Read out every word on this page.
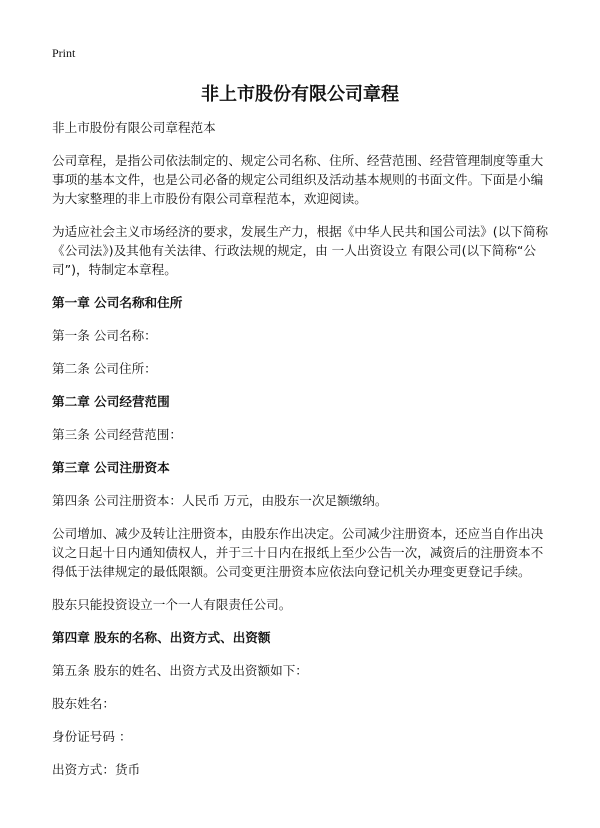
Print
非上市股份有限公司章程

非上市股份有限公司章程范本

公司章程，是指公司依法制定的、规定公司名称、住所、经营范围、经营管理制度等重大事项的基本文件，也是公司必备的规定公司组织及活动基本规则的书面文件。下面是小编为大家整理的非上市股份有限公司章程范本，欢迎阅读。

为适应社会主义市场经济的要求，发展生产力，根据《中华人民共和国公司法》(以下简称《公司法》)及其他有关法律、行政法规的规定，由 一人出资设立 有限公司(以下简称“公司”)，特制定本章程。

第一章 公司名称和住所

第一条 公司名称：

第二条 公司住所：

第二章 公司经营范围

第三条 公司经营范围：

第三章 公司注册资本

第四条 公司注册资本：人民币 万元，由股东一次足额缴纳。

公司增加、减少及转让注册资本，由股东作出决定。公司减少注册资本，还应当自作出决议之日起十日内通知债权人，并于三十日内在报纸上至少公告一次，减资后的注册资本不得低于法律规定的最低限额。公司变更注册资本应依法向登记机关办理变更登记手续。

股东只能投资设立一个一人有限责任公司。

第四章 股东的名称、出资方式、出资额

第五条 股东的姓名、出资方式及出资额如下：

股东姓名：

身份证号码 ：

出资方式：货币
